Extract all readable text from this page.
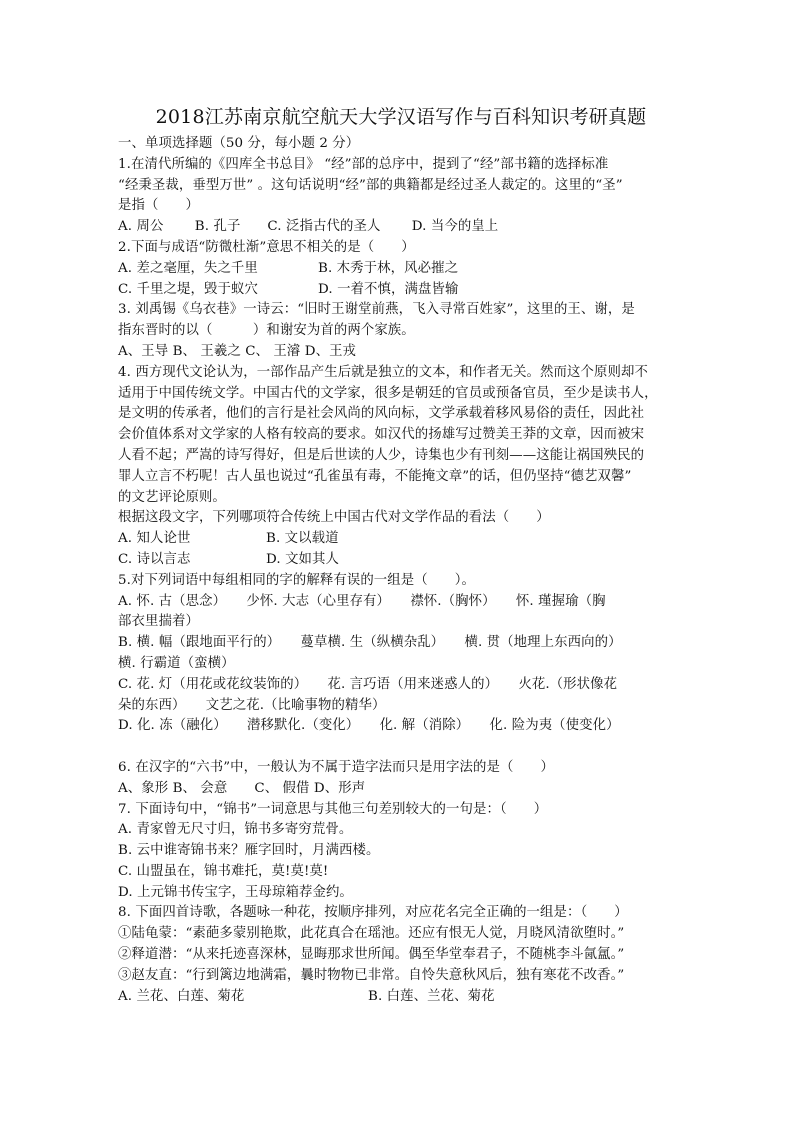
2018江苏南京航空航天大学汉语写作与百科知识考研真题
一、单项选择题（50 分，每小题 2 分）
1.在清代所编的《四库全书总目》 “经”部的总序中，提到了“经”部书籍的选择标准
“经秉圣裁，垂型万世” 。这句话说明“经”部的典籍都是经过圣人裁定的。这里的“圣”
是指（　　）
A. 周公　　 B. 孔子　　C. 泛指古代的圣人　　 D. 当今的皇上
2.下面与成语“防微杜渐”意思不相关的是（　　）
A. 差之毫厘，失之千里	B. 木秀于林，风必摧之
C. 千里之堤，毁于蚁穴	D. 一着不慎，满盘皆输
3. 刘禹锡《乌衣巷》一诗云：“旧时王谢堂前燕，飞入寻常百姓家”，这里的王、谢，是
指东晋时的以（　　　）和谢安为首的两个家族。
A、王导 B、 王羲之 C、 王濬 D、王戎
4. 西方现代文论认为，一部作品产生后就是独立的文本，和作者无关。然而这个原则却不
适用于中国传统文学。中国古代的文学家，很多是朝廷的官员或预备官员，至少是读书人，
是文明的传承者，他们的言行是社会风尚的风向标，文学承载着移风易俗的责任，因此社
会价值体系对文学家的人格有较高的要求。如汉代的扬雄写过赞美王莽的文章，因而被宋
人看不起；严嵩的诗写得好，但是后世读的人少，诗集也少有刊刻——这能让祸国殃民的
罪人立言不朽呢！古人虽也说过“孔雀虽有毒，不能掩文章”的话，但仍坚持“德艺双馨”
的文艺评论原则。
根据这段文字，下列哪项符合传统上中国古代对文学作品的看法（　　）
A. 知人论世	B. 文以载道
C. 诗以言志	D. 文如其人
5.对下列词语中每组相同的字的解释有误的一组是（　　）。
A. 怀. 古（思念）　　少怀. 大志（心里存有）　　襟怀.（胸怀）　　怀. 瑾握瑜（胸
部衣里揣着）
B. 横. 幅（跟地面平行的）　　蔓草横. 生（纵横杂乱）　　横. 贯（地理上东西向的）
横. 行霸道（蛮横）
C. 花. 灯（用花或花纹装饰的）　　花. 言巧语（用来迷惑人的）　　火花.（形状像花
朵的东西）　　文艺之花.（比喻事物的精华）
D. 化. 冻（融化）　　潜移默化.（变化）　　化. 解（消除）　　化. 险为夷（使变化）
6. 在汉字的“六书”中，一般认为不属于造字法而只是用字法的是（　　）
A、象形 B、 会意　　C、 假借 D、形声
7. 下面诗句中，“锦书”一词意思与其他三句差别较大的一句是：（　　）
A. 青家曾无尺寸归，锦书多寄穷荒骨。
B. 云中谁寄锦书来？雁字回时，月满西楼。
C. 山盟虽在，锦书难托，莫!莫!莫!
D. 上元锦书传宝字，王母琼箱荐金约。
8. 下面四首诗歌，各题咏一种花，按顺序排列，对应花名完全正确的一组是：（　　）
①陆龟蒙：“素葩多蒙别艳欺，此花真合在瑶池。还应有恨无人觉，月晓风清欲堕时。”
②释道潜：“从来托迹喜深林，显晦那求世所闻。偶至华堂奉君子，不随桃李斗氤氲。”
③赵友直：“行到篱边地满霜，曩时物物已非常。自怜失意秋风后，独有寒花不改香。”
A. 兰花、白莲、菊花	B. 白莲、兰花、菊花
